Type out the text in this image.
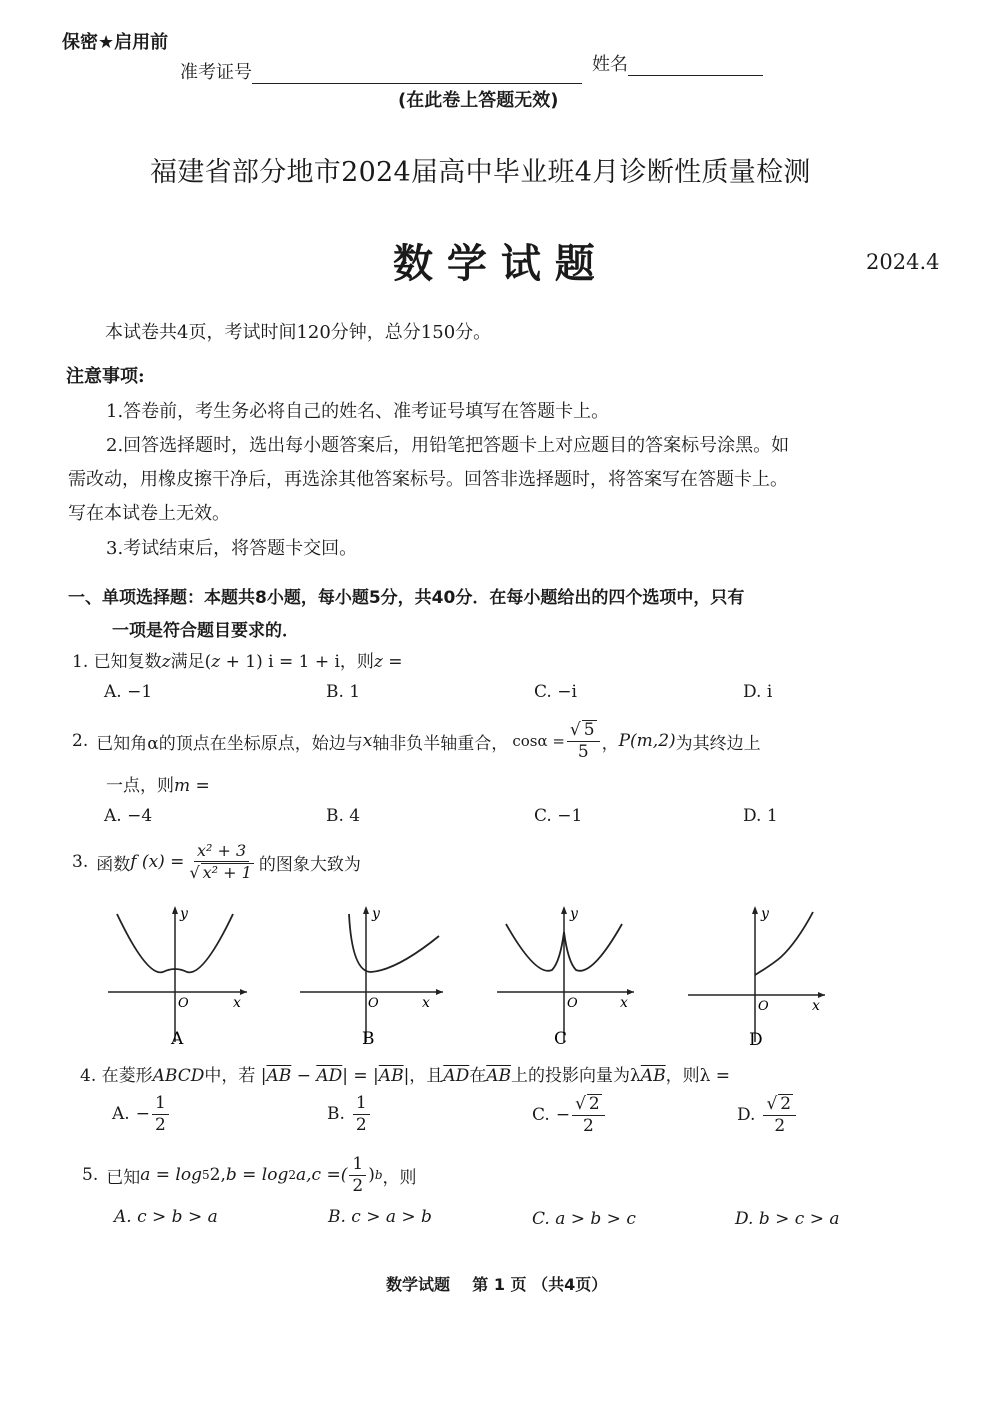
保密★启用前
准考证号	姓名
(在此卷上答题无效)
福建省部分地市2024届高中毕业班4月诊断性质量检测
数 学 试 题	2024.4
本试卷共4页，考试时间120分钟，总分150分。
注意事项:
1.答卷前，考生务必将自己的姓名、准考证号填写在答题卡上。
2.回答选择题时，选出每小题答案后，用铅笔把答题卡上对应题目的答案标号涂黑。如
需改动，用橡皮擦干净后，再选涂其他答案标号。回答非选择题时，将答案写在答题卡上。
写在本试卷上无效。
3.考试结束后，将答题卡交回。
一、单项选择题：本题共8小题，每小题5分，共40分．在每小题给出的四个选项中，只有
一项是符合题目要求的．
1. 已知复数z满足(z + 1) i = 1 + i，则z =
A. −1	B. 1	C. −i	D. i
2. 已知角α的顶点在坐标原点，始边与 x 轴非负半轴重合， $\cos\alpha = \frac{√ 5}{5}$ ， P (m,2) 为其终边上
一点，则m =
A. −4	B. 4	C. −1	D. 1
3. 函数 f $(x) = \frac{\text{x² + 3}}{\text{√ x² + 1}}$ 的图象大致为
y
O	x
A
y
O	x
B
y
O	x
C
y
O	x
D
4. 在菱形ABCD中，若 $|\overline{AB} - \overline{AD}| = |\overline{AB}|$，且$\overline{AD}$在$\overline{AB}$上的投影向量为$\lambda\overline{AB}$，则λ =
A. − $\frac{1}{2}$	B. $\frac{1}{2}$	C. − $\frac{√ 2}{2}$	D. $\frac{√ 2}{2}$
5. 已知 a = log 5 2, b = log 2 a, c =( $\frac{1}{2}$ ) b ，则
A. c > b > a	B. c > a > b	C. a > b > c	D. b > c > a
数学试题    第 1 页 （共4页）
